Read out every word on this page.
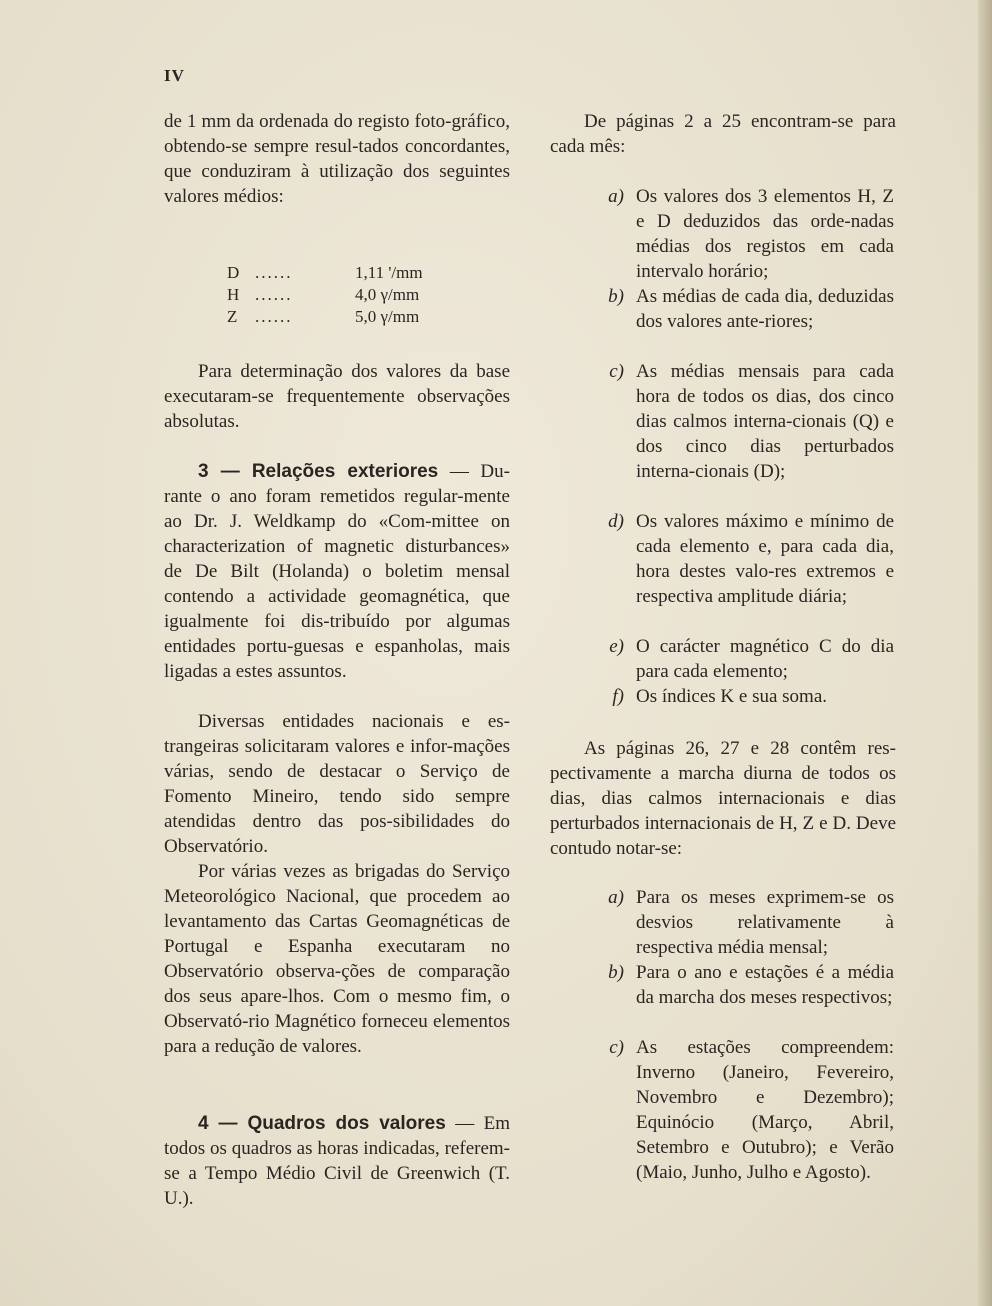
IV

de 1 mm da ordenada do registo foto-gráfico, obtendo-se sempre resul-tados concordantes, que conduziram à utilização dos seguintes valores médios:

D ......	1,11 '/mm
H ......	4,0 γ/mm
Z	......	5,0 γ/mm

Para determinação dos valores da base executaram-se frequentemente observações absolutas.

3 — Relações exteriores — Du-rante o ano foram remetidos regular-mente ao Dr. J. Weldkamp do «Com-mittee on characterization of magnetic disturbances» de De Bilt (Holanda) o boletim mensal contendo a actividade geomagnética, que igualmente foi dis-tribuído por algumas entidades portu-guesas e espanholas, mais ligadas a estes assuntos.

Diversas entidades nacionais e es-trangeiras solicitaram valores e infor-mações várias, sendo de destacar o Serviço de Fomento Mineiro, tendo sido sempre atendidas dentro das pos-sibilidades do Observatório.

Por várias vezes as brigadas do Serviço Meteorológico Nacional, que procedem ao levantamento das Cartas Geomagnéticas de Portugal e Espanha executaram no Observatório observa-ções de comparação dos seus apare-lhos. Com o mesmo fim, o Observató-rio Magnético forneceu elementos para a redução de valores.

4 — Quadros dos valores — Em todos os quadros as horas indicadas, referem-se a Tempo Médio Civil de Greenwich (T. U.).

De páginas 2 a 25 encontram-se para cada mês:

a) Os valores dos 3 elementos H, Z e D deduzidos das orde-nadas médias dos registos em cada intervalo horário;
b) As médias de cada dia, deduzidas dos valores ante-riores;
c) As médias mensais para cada hora de todos os dias, dos cinco dias calmos interna-cionais (Q) e dos cinco dias perturbados interna-cionais (D);
d) Os valores máximo e mínimo de cada elemento e, para cada dia, hora destes valo-res extremos e respectiva amplitude diária;
e) O carácter magnético C do dia para cada elemento;
f) Os índices K e sua soma.

As páginas 26, 27 e 28 contêm res-pectivamente a marcha diurna de todos os dias, dias calmos internacionais e dias perturbados internacionais de H, Z e D. Deve contudo notar-se:

a) Para os meses exprimem-se os desvios relativamente à respectiva média mensal;
b) Para o ano e estações é a média da marcha dos meses respectivos;
c) As estações compreendem: Inverno (Janeiro, Fevereiro, Novembro e Dezembro); Equinócio (Março, Abril, Setembro e Outubro); e Verão (Maio, Junho, Julho e Agosto).
